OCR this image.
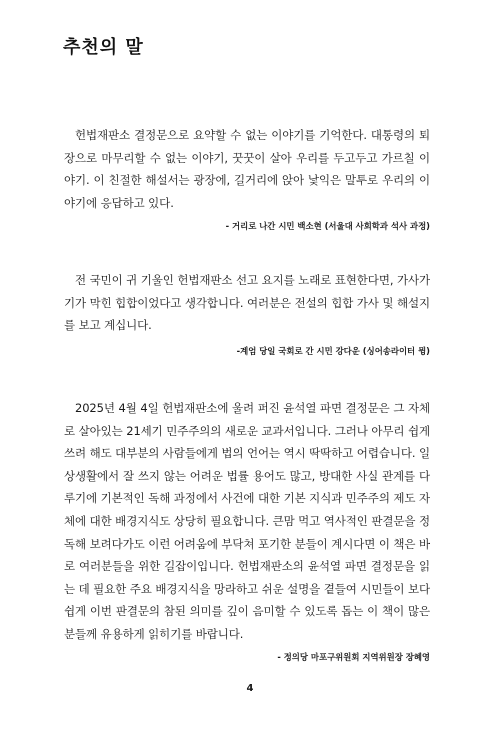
추천의 말

헌법재판소 결정문으로 요약할 수 없는 이야기를 기억한다. 대통령의 퇴장으로 마무리할 수 없는 이야기, 꿋꿋이 살아 우리를 두고두고 가르칠 이야기. 이 친절한 해설서는 광장에, 길거리에 앉아 낯익은 말투로 우리의 이야기에 응답하고 있다.

- 거리로 나간 시민 백소현 (서울대 사회학과 석사 과정)

전 국민이 귀 기울인 헌법재판소 선고 요지를 노래로 표현한다면, 가사가 기가 막힌 힙합이었다고 생각합니다. 여러분은 전설의 힙합 가사 및 해설지를 보고 계십니다.

-계엄 당일 국회로 간 시민 강다운 (싱어송라이터 뮝)

2025년 4월 4일 헌법재판소에 울려 퍼진 윤석열 파면 결정문은 그 자체로 살아있는 21세기 민주주의의 새로운 교과서입니다. 그러나 아무리 쉽게 쓰려 해도 대부분의 사람들에게 법의 언어는 역시 딱딱하고 어렵습니다. 일상생활에서 잘 쓰지 않는 어려운 법률 용어도 많고, 방대한 사실 관계를 다루기에 기본적인 독해 과정에서 사건에 대한 기본 지식과 민주주의 제도 자체에 대한 배경지식도 상당히 필요합니다. 큰맘 먹고 역사적인 판결문을 정독해 보려다가도 이런 어려움에 부닥쳐 포기한 분들이 계시다면 이 책은 바로 여러분들을 위한 길잡이입니다. 헌법재판소의 윤석열 파면 결정문을 읽는 데 필요한 주요 배경지식을 망라하고 쉬운 설명을 곁들여 시민들이 보다 쉽게 이번 판결문의 참된 의미를 깊이 음미할 수 있도록 돕는 이 책이 많은 분들께 유용하게 읽히기를 바랍니다.

- 정의당 마포구위원회 지역위원장 장혜영

4
